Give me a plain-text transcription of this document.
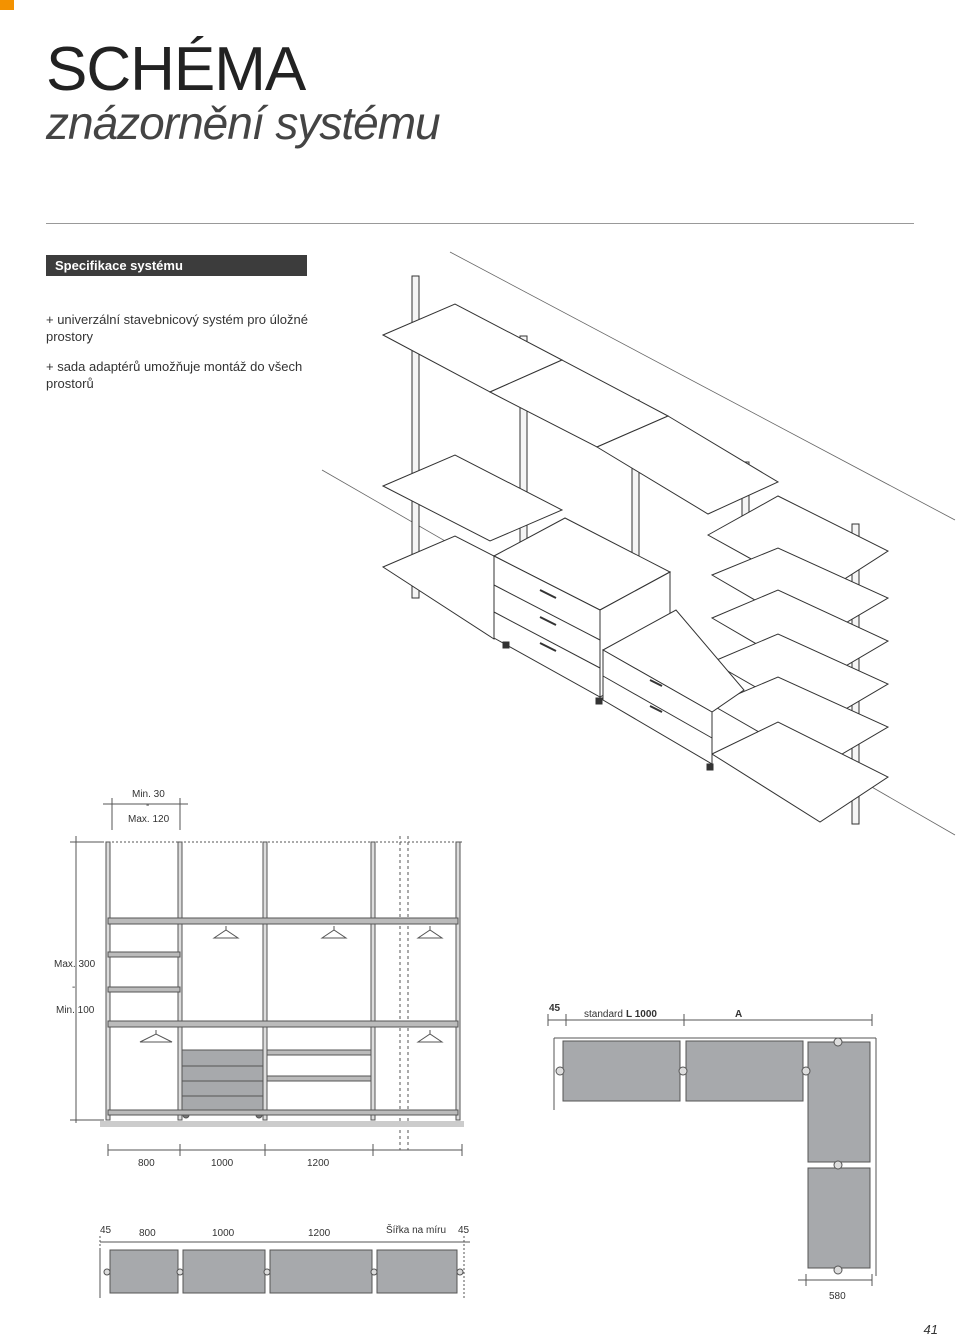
SCHÉMA
znázornění systému
Specifikace systému
+ univerzální stavebnicový systém pro úložné prostory
+ sada adaptérů umožňuje montáž do všech prostorů
Min. 30
-
Max. 120
Max. 300
-
Min. 100
800	1000	1200
45	800	1000	1200	Šířka na míru 45
45
standard L 1000	A
580
41
